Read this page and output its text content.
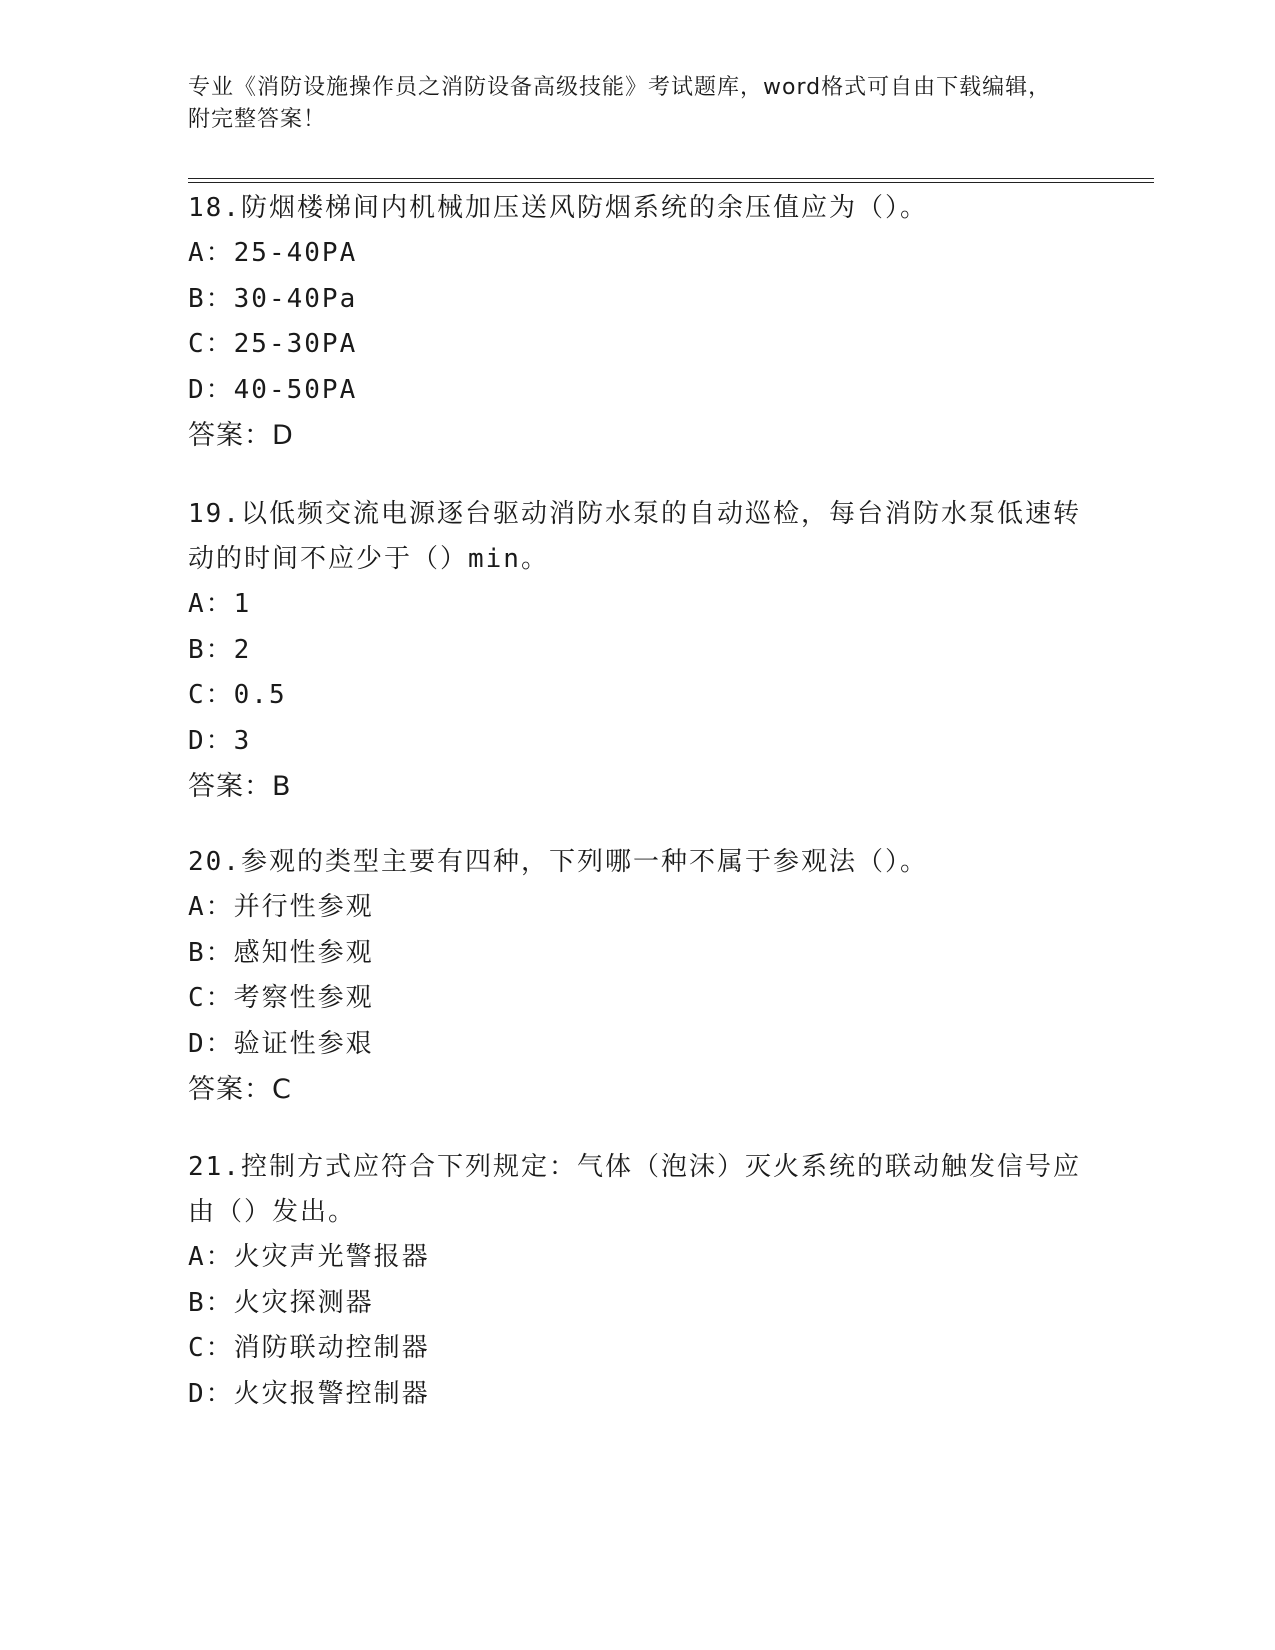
专业《消防设施操作员之消防设备高级技能》考试题库，word格式可自由下载编辑，附完整答案！

18.防烟楼梯间内机械加压送风防烟系统的余压值应为（）。

A：25-40PA

B：30-40Pa

C：25-30PA

D：40-50PA

答案：D

19.以低频交流电源逐台驱动消防水泵的自动巡检，每台消防水泵低速转动的时间不应少于（）min。

A：1

B：2

C：0.5

D：3

答案：B

20.参观的类型主要有四种，下列哪一种不属于参观法（）。

A：并行性参观

B：感知性参观

C：考察性参观

D：验证性参艰

答案：C

21.控制方式应符合下列规定：气体（泡沫）灭火系统的联动触发信号应由（）发出。

A：火灾声光警报器

B：火灾探测器

C：消防联动控制器

D：火灾报警控制器
